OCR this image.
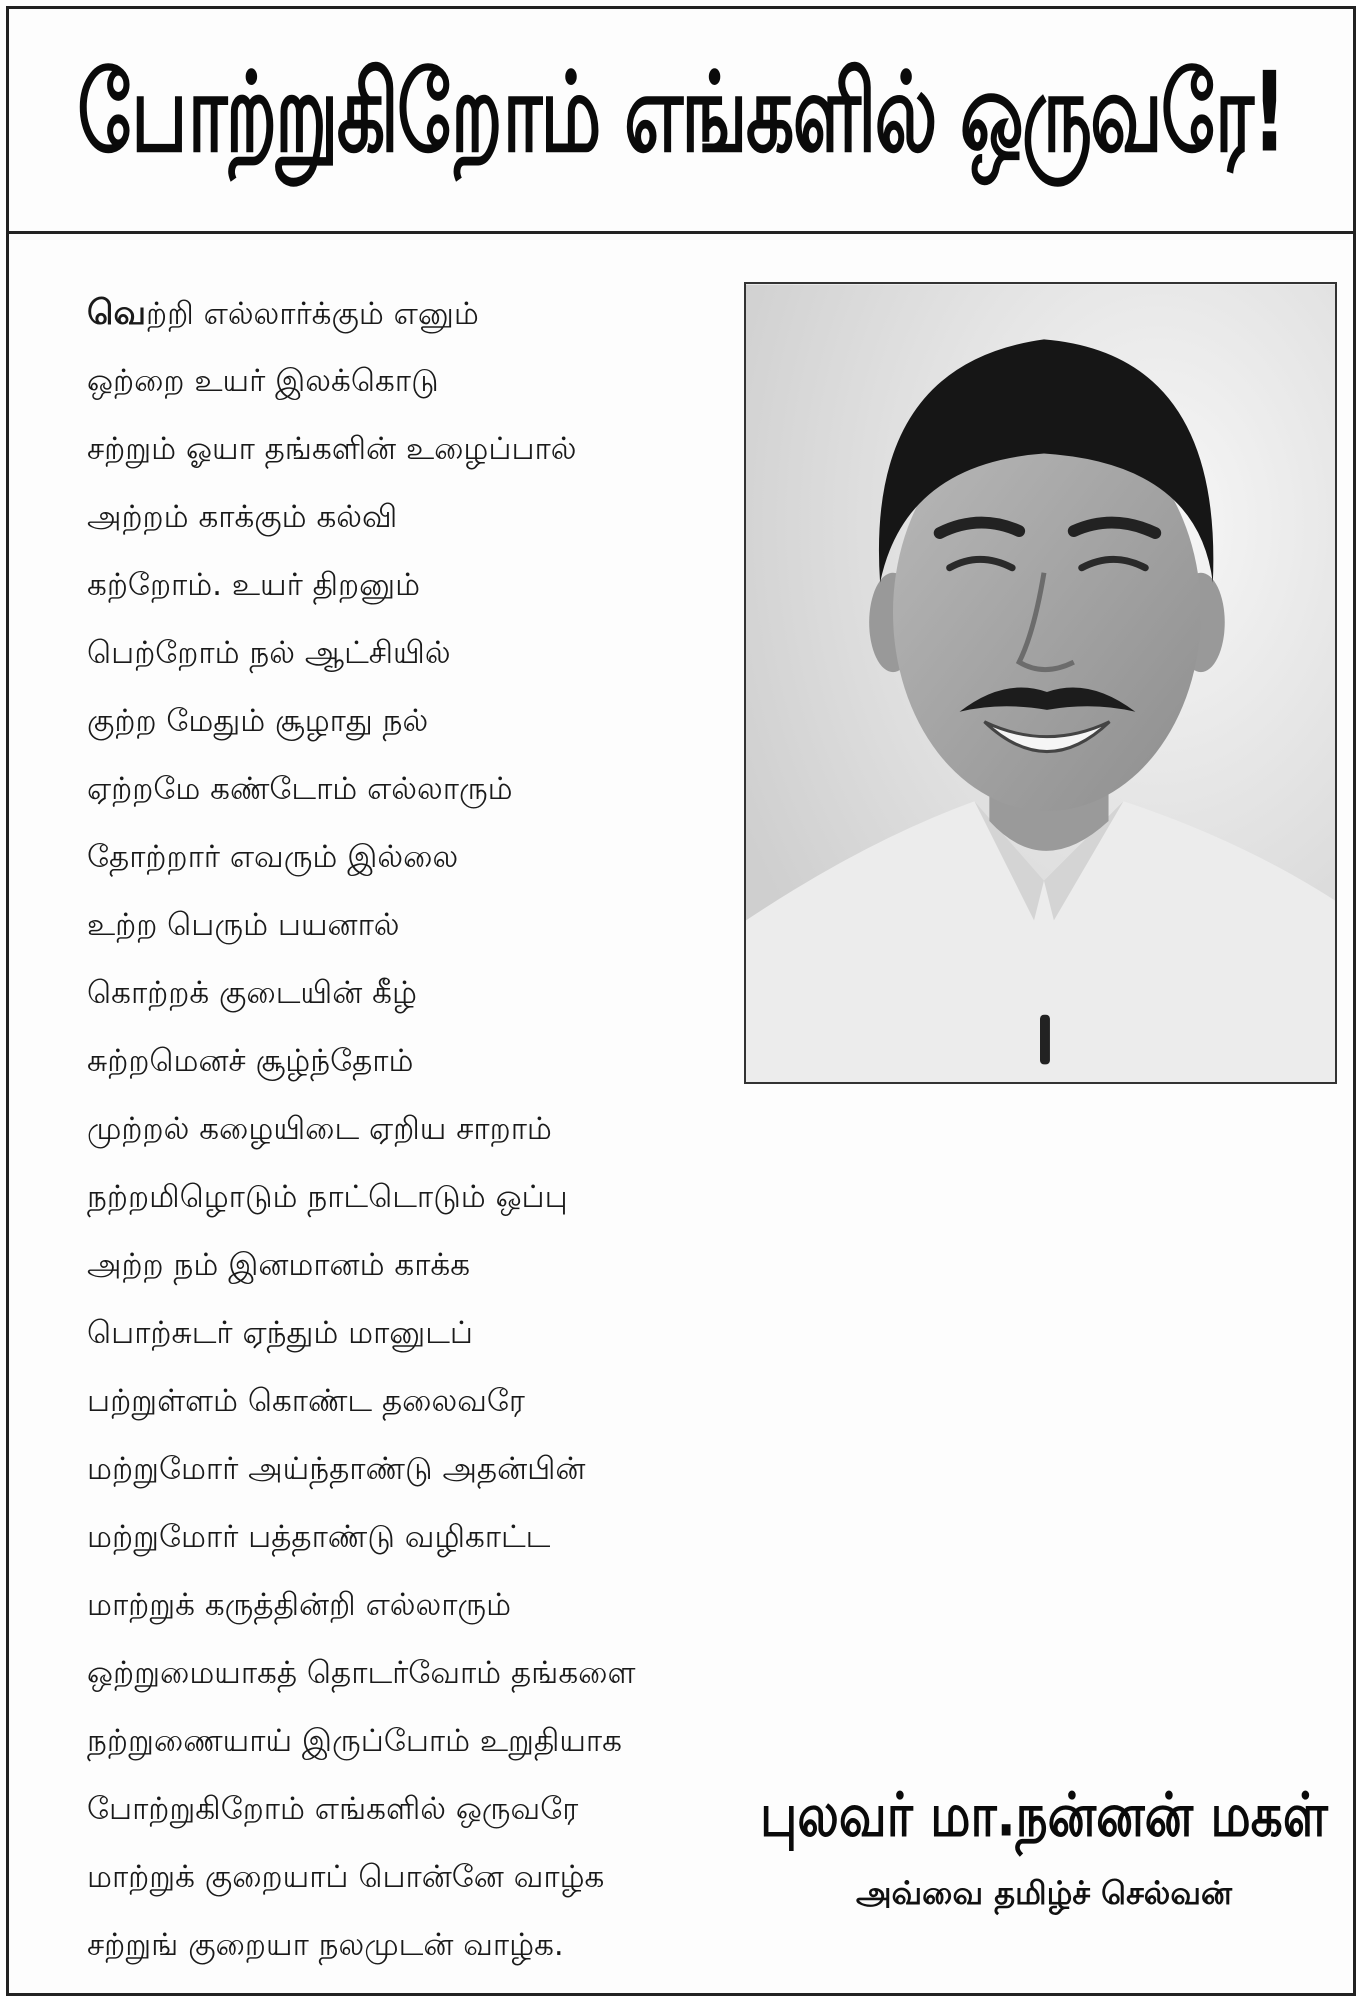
போற்றுகிறோம் எங்களில் ஒருவரே!
வெற்றி எல்லார்க்கும் எனும்
ஒற்றை உயர் இலக்கொடு
சற்றும் ஓயா தங்களின் உழைப்பால்
அற்றம் காக்கும் கல்வி
கற்றோம். உயர் திறனும்
பெற்றோம் நல் ஆட்சியில்
குற்ற மேதும் சூழாது நல்
ஏற்றமே கண்டோம் எல்லாரும்
தோற்றார் எவரும் இல்லை
உற்ற பெரும் பயனால்
கொற்றக் குடையின் கீழ்
சுற்றமெனச் சூழ்ந்தோம்
முற்றல் கழையிடை ஏறிய சாறாம்
நற்றமிழொடும் நாட்டொடும் ஒப்பு
அற்ற நம் இனமானம் காக்க
பொற்சுடர் ஏந்தும் மானுடப்
பற்றுள்ளம் கொண்ட தலைவரே
மற்றுமோர் அய்ந்தாண்டு அதன்பின்
மற்றுமோர் பத்தாண்டு வழிகாட்ட
மாற்றுக் கருத்தின்றி எல்லாரும்
ஒற்றுமையாகத் தொடர்வோம் தங்களை
நற்றுணையாய் இருப்போம் உறுதியாக
போற்றுகிறோம் எங்களில் ஒருவரே
மாற்றுக் குறையாப் பொன்னே வாழ்க
சற்றுங் குறையா நலமுடன் வாழ்க.
புலவர் மா.நன்னன் மகள்
அவ்வை தமிழ்ச் செல்வன்
